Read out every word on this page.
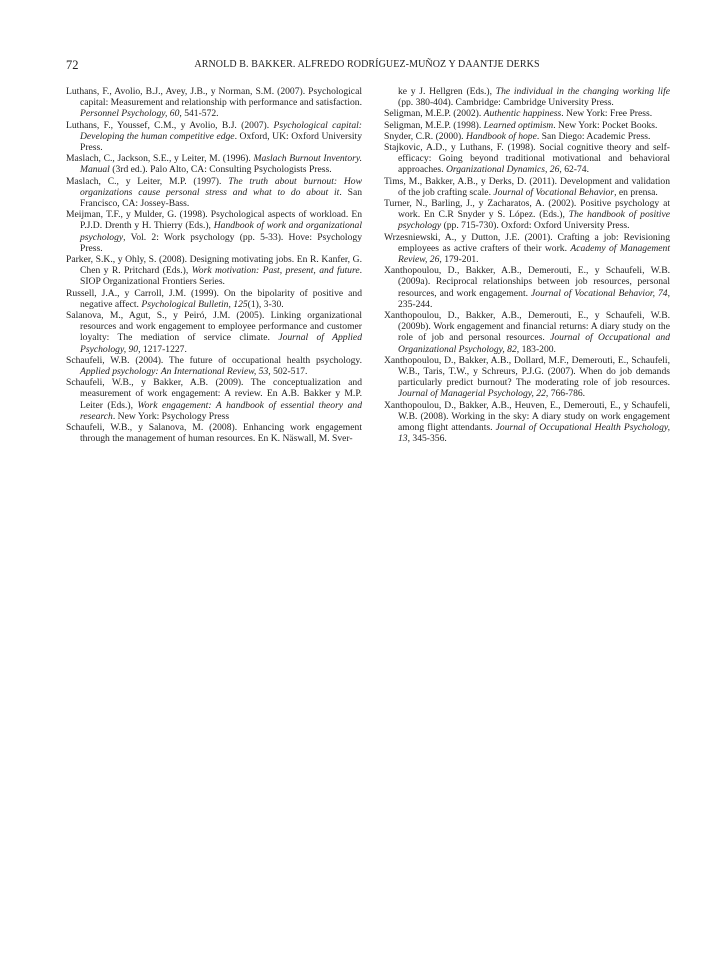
72	ARNOLD B. BAKKER. ALFREDO RODRÍGUEZ-MUÑOZ Y DAANTJE DERKS

Luthans, F., Avolio, B.J., Avey, J.B., y Norman, S.M. (2007). Psychological capital: Measurement and relationship with performance and satisfaction. Personnel Psychology, 60, 541-572.

Luthans, F., Youssef, C.M., y Avolio, B.J. (2007). Psychological capital: Developing the human competitive edge. Oxford, UK: Oxford University Press.

Maslach, C., Jackson, S.E., y Leiter, M. (1996). Maslach Burnout Inventory. Manual (3rd ed.). Palo Alto, CA: Consulting Psychologists Press.

Maslach, C., y Leiter, M.P. (1997). The truth about burnout: How organizations cause personal stress and what to do about it. San Francisco, CA: Jossey-Bass.

Meijman, T.F., y Mulder, G. (1998). Psychological aspects of workload. En P.J.D. Drenth y H. Thierry (Eds.), Handbook of work and organizational psychology, Vol. 2: Work psychology (pp. 5-33). Hove: Psychology Press.

Parker, S.K., y Ohly, S. (2008). Designing motivating jobs. En R. Kanfer, G. Chen y R. Pritchard (Eds.), Work motivation: Past, present, and future. SIOP Organizational Frontiers Series.

Russell, J.A., y Carroll, J.M. (1999). On the bipolarity of positive and negative affect. Psychological Bulletin, 125(1), 3-30.

Salanova, M., Agut, S., y Peiró, J.M. (2005). Linking organizational resources and work engagement to employee performance and customer loyalty: The mediation of service climate. Journal of Applied Psychology, 90, 1217-1227.

Schaufeli, W.B. (2004). The future of occupational health psychology. Applied psychology: An International Review, 53, 502-517.

Schaufeli, W.B., y Bakker, A.B. (2009). The conceptualization and measurement of work engagement: A review. En A.B. Bakker y M.P. Leiter (Eds.), Work engagement: A handbook of essential theory and research. New York: Psychology Press

Schaufeli, W.B., y Salanova, M. (2008). Enhancing work engagement through the management of human resources. En K. Näswall, M. Sver-

ke y J. Hellgren (Eds.), The individual in the changing working life (pp. 380-404). Cambridge: Cambridge University Press.

Seligman, M.E.P. (2002). Authentic happiness. New York: Free Press.

Seligman, M.E.P. (1998). Learned optimism. New York: Pocket Books.

Snyder, C.R. (2000). Handbook of hope. San Diego: Academic Press.

Stajkovic, A.D., y Luthans, F. (1998). Social cognitive theory and self-efficacy: Going beyond traditional motivational and behavioral approaches. Organizational Dynamics, 26, 62-74.

Tims, M., Bakker, A.B., y Derks, D. (2011). Development and validation of the job crafting scale. Journal of Vocational Behavior, en prensa.

Turner, N., Barling, J., y Zacharatos, A. (2002). Positive psychology at work. En C.R Snyder y S. López. (Eds.), The handbook of positive psychology (pp. 715-730). Oxford: Oxford University Press.

Wrzesniewski, A., y Dutton, J.E. (2001). Crafting a job: Revisioning employees as active crafters of their work. Academy of Management Review, 26, 179-201.

Xanthopoulou, D., Bakker, A.B., Demerouti, E., y Schaufeli, W.B. (2009a). Reciprocal relationships between job resources, personal resources, and work engagement. Journal of Vocational Behavior, 74, 235-244.

Xanthopoulou, D., Bakker, A.B., Demerouti, E., y Schaufeli, W.B. (2009b). Work engagement and financial returns: A diary study on the role of job and personal resources. Journal of Occupational and Organizational Psychology, 82, 183-200.

Xanthopoulou, D., Bakker, A.B., Dollard, M.F., Demerouti, E., Schaufeli, W.B., Taris, T.W., y Schreurs, P.J.G. (2007). When do job demands particularly predict burnout? The moderating role of job resources. Journal of Managerial Psychology, 22, 766-786.

Xanthopoulou, D., Bakker, A.B., Heuven, E., Demerouti, E., y Schaufeli, W.B. (2008). Working in the sky: A diary study on work engagement among flight attendants. Journal of Occupational Health Psychology, 13, 345-356.
